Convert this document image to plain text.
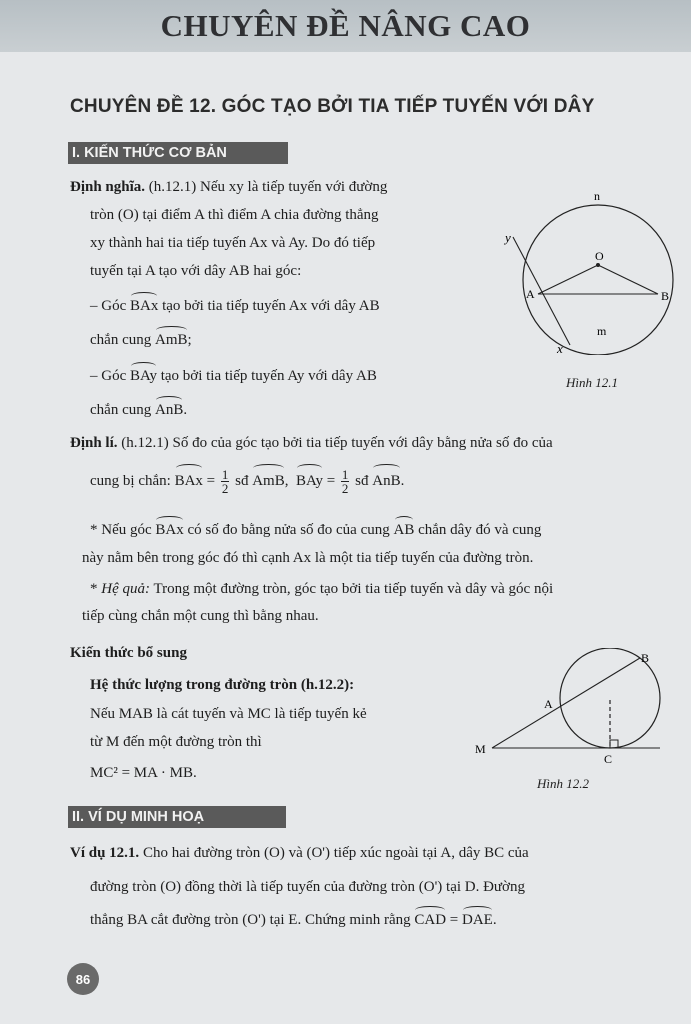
CHUYÊN ĐỀ NÂNG CAO
CHUYÊN ĐỀ 12. GÓC TẠO BỞI TIA TIẾP TUYẾN VỚI DÂY
I. KIẾN THỨC CƠ BẢN
Định nghĩa. (h.12.1) Nếu xy là tiếp tuyến với đường
tròn (O) tại điểm A thì điểm A chia đường thẳng
xy thành hai tia tiếp tuyến Ax và Ay. Do đó tiếp
tuyến tại A tạo với dây AB hai góc:
– Góc BAx tạo bởi tia tiếp tuyến Ax với dây AB
chắn cung AmB;
– Góc BAy tạo bởi tia tiếp tuyến Ay với dây AB
chắn cung AnB.
n
y
O
A	B
m
x
Hình 12.1
Định lí. (h.12.1) Số đo của góc tạo bởi tia tiếp tuyến với dây bằng nửa số đo của
cung bị chắn: BAx = $\frac{1}{2}$ sđ AmB, BAy = $\frac{1}{2}$ sđ AnB.
* Nếu góc BAx có số đo bằng nửa số đo của cung AB chắn dây đó và cung
này nằm bên trong góc đó thì cạnh Ax là một tia tiếp tuyến của đường tròn.
* Hệ quả: Trong một đường tròn, góc tạo bởi tia tiếp tuyến và dây và góc nội
tiếp cùng chắn một cung thì bằng nhau.
Kiến thức bổ sung
Hệ thức lượng trong đường tròn (h.12.2):
Nếu MAB là cát tuyến và MC là tiếp tuyến kẻ
từ M đến một đường tròn thì
MC² = MA · MB.
B
A
M
C
Hình 12.2
II. VÍ DỤ MINH HOẠ
Ví dụ 12.1. Cho hai đường tròn (O) và (O') tiếp xúc ngoài tại A, dây BC của
đường tròn (O) đồng thời là tiếp tuyến của đường tròn (O') tại D. Đường
thẳng BA cắt đường tròn (O') tại E. Chứng minh rằng CAD = DAE.
86
